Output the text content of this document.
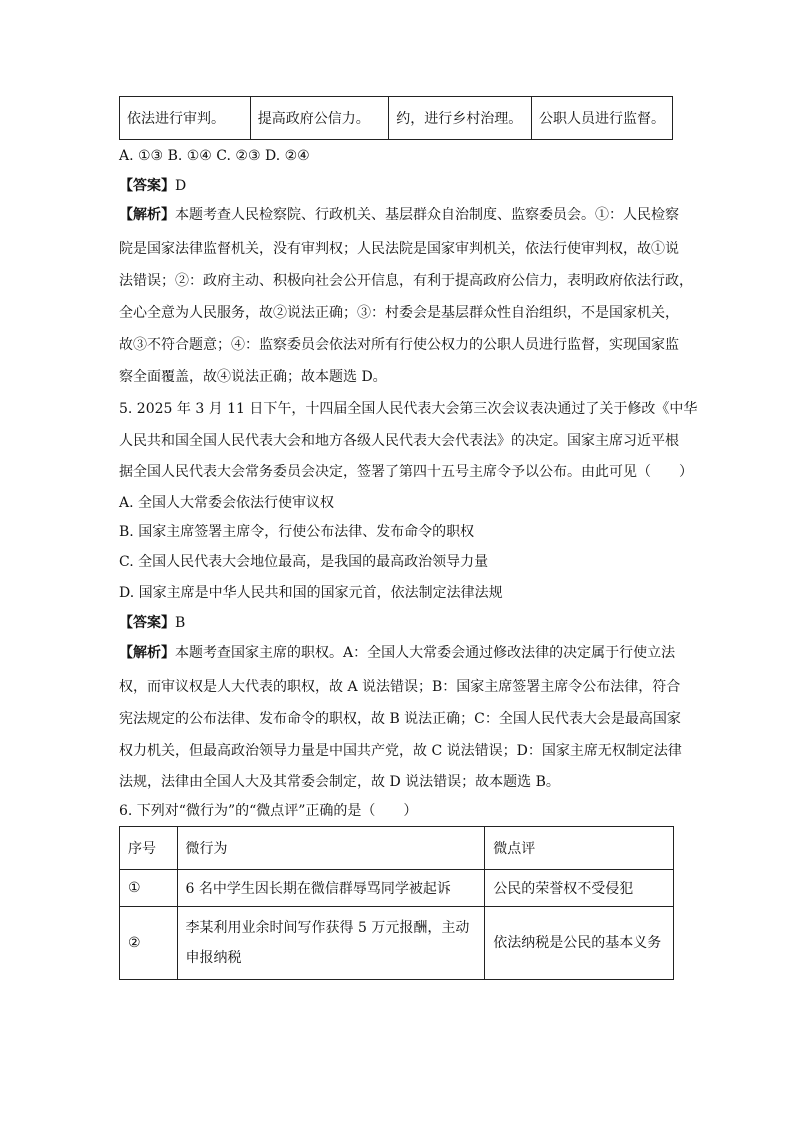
依法进行审判。	提高政府公信力。	约，进行乡村治理。	公职人员进行监督。
A. ①③ B. ①④ C. ②③ D. ②④
【答案】D
【解析】本题考查人民检察院、行政机关、基层群众自治制度、监察委员会。①：人民检察
院是国家法律监督机关，没有审判权；人民法院是国家审判机关，依法行使审判权，故①说
法错误；②：政府主动、积极向社会公开信息，有利于提高政府公信力，表明政府依法行政，
全心全意为人民服务，故②说法正确；③：村委会是基层群众性自治组织，不是国家机关，
故③不符合题意；④：监察委员会依法对所有行使公权力的公职人员进行监督，实现国家监
察全面覆盖，故④说法正确；故本题选 D。
5. 2025 年 3 月 11 日下午，十四届全国人民代表大会第三次会议表决通过了关于修改《中华
人民共和国全国人民代表大会和地方各级人民代表大会代表法》的决定。国家主席习近平根
据全国人民代表大会常务委员会决定，签署了第四十五号主席令予以公布。由此可见（　　）
A. 全国人大常委会依法行使审议权
B. 国家主席签署主席令，行使公布法律、发布命令的职权
C. 全国人民代表大会地位最高，是我国的最高政治领导力量
D. 国家主席是中华人民共和国的国家元首，依法制定法律法规
【答案】B
【解析】本题考查国家主席的职权。A：全国人大常委会通过修改法律的决定属于行使立法
权，而审议权是人大代表的职权，故 A 说法错误；B：国家主席签署主席令公布法律，符合
宪法规定的公布法律、发布命令的职权，故 B 说法正确；C：全国人民代表大会是最高国家
权力机关，但最高政治领导力量是中国共产党，故 C 说法错误；D：国家主席无权制定法律
法规，法律由全国人大及其常委会制定，故 D 说法错误；故本题选 B。
6. 下列对“微行为”的“微点评”正确的是（　　）
序号	微行为	微点评
①	6 名中学生因长期在微信群辱骂同学被起诉	公民的荣誉权不受侵犯
②	李某利用业余时间写作获得 5 万元报酬，主动申报纳税	依法纳税是公民的基本义务
